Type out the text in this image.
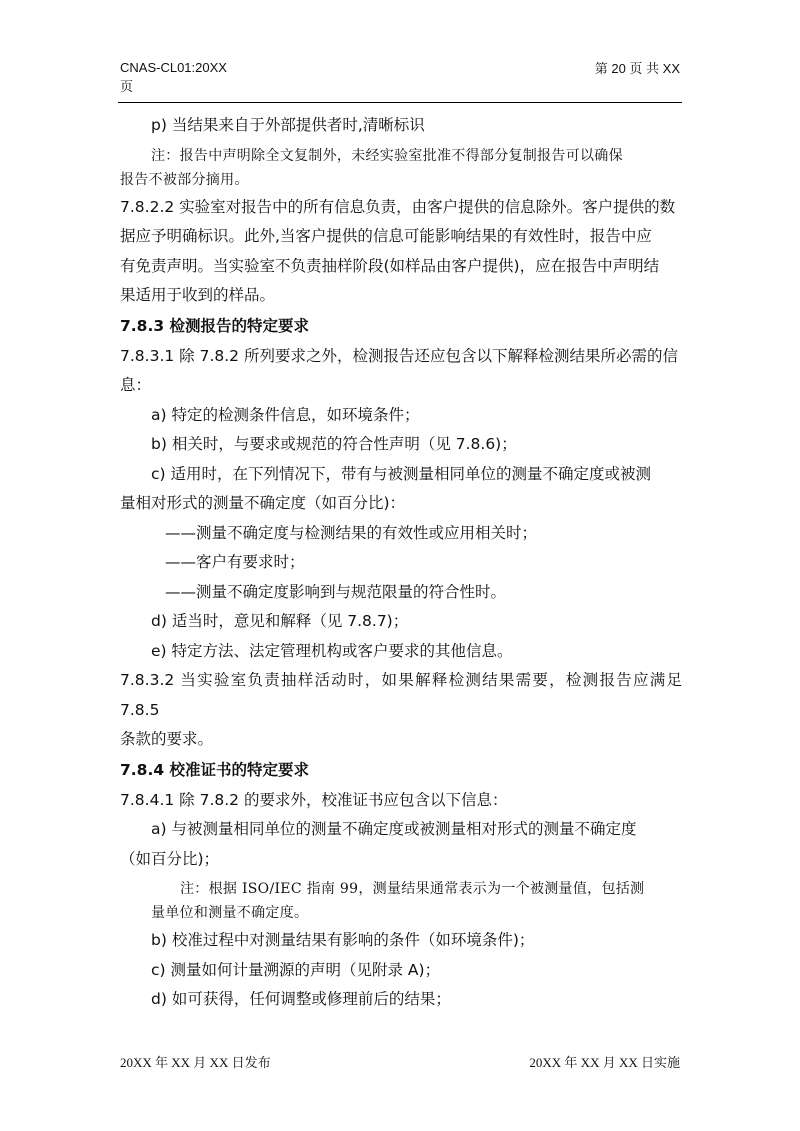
CNAS-CL01:20XX
页
第 20 页 共 XX

p) 当结果来自于外部提供者时,清晰标识

注：报告中声明除全文复制外，未经实验室批准不得部分复制报告可以确保
报告不被部分摘用。

7.8.2.2 实验室对报告中的所有信息负责，由客户提供的信息除外。客户提供的数

据应予明确标识。此外,当客户提供的信息可能影响结果的有效性时，报告中应

有免责声明。当实验室不负责抽样阶段(如样品由客户提供)，应在报告中声明结

果适用于收到的样品。

7.8.3 检测报告的特定要求

7.8.3.1 除 7.8.2 所列要求之外，检测报告还应包含以下解释检测结果所必需的信

息：

a) 特定的检测条件信息，如环境条件；

b) 相关时，与要求或规范的符合性声明（见 7.8.6)；

c) 适用时，在下列情况下，带有与被测量相同单位的测量不确定度或被测

量相对形式的测量不确定度（如百分比)：

——测量不确定度与检测结果的有效性或应用相关时；

——客户有要求时；

——测量不确定度影响到与规范限量的符合性时。

d) 适当时，意见和解释（见 7.8.7)；

e) 特定方法、法定管理机构或客户要求的其他信息。

7.8.3.2 当实验室负责抽样活动时，如果解释检测结果需要，检测报告应满足 7.8.5

条款的要求。

7.8.4 校准证书的特定要求

7.8.4.1 除 7.8.2 的要求外，校准证书应包含以下信息：

a) 与被测量相同单位的测量不确定度或被测量相对形式的测量不确定度

（如百分比)；

注：根据 ISO/IEC 指南 99，测量结果通常表示为一个被测量值，包括测
量单位和测量不确定度。

b) 校准过程中对测量结果有影响的条件（如环境条件)；

c) 测量如何计量溯源的声明（见附录 A)；

d) 如可获得，任何调整或修理前后的结果；

20XX 年 XX 月 XX 日发布	20XX 年 XX 月 XX 日实施
